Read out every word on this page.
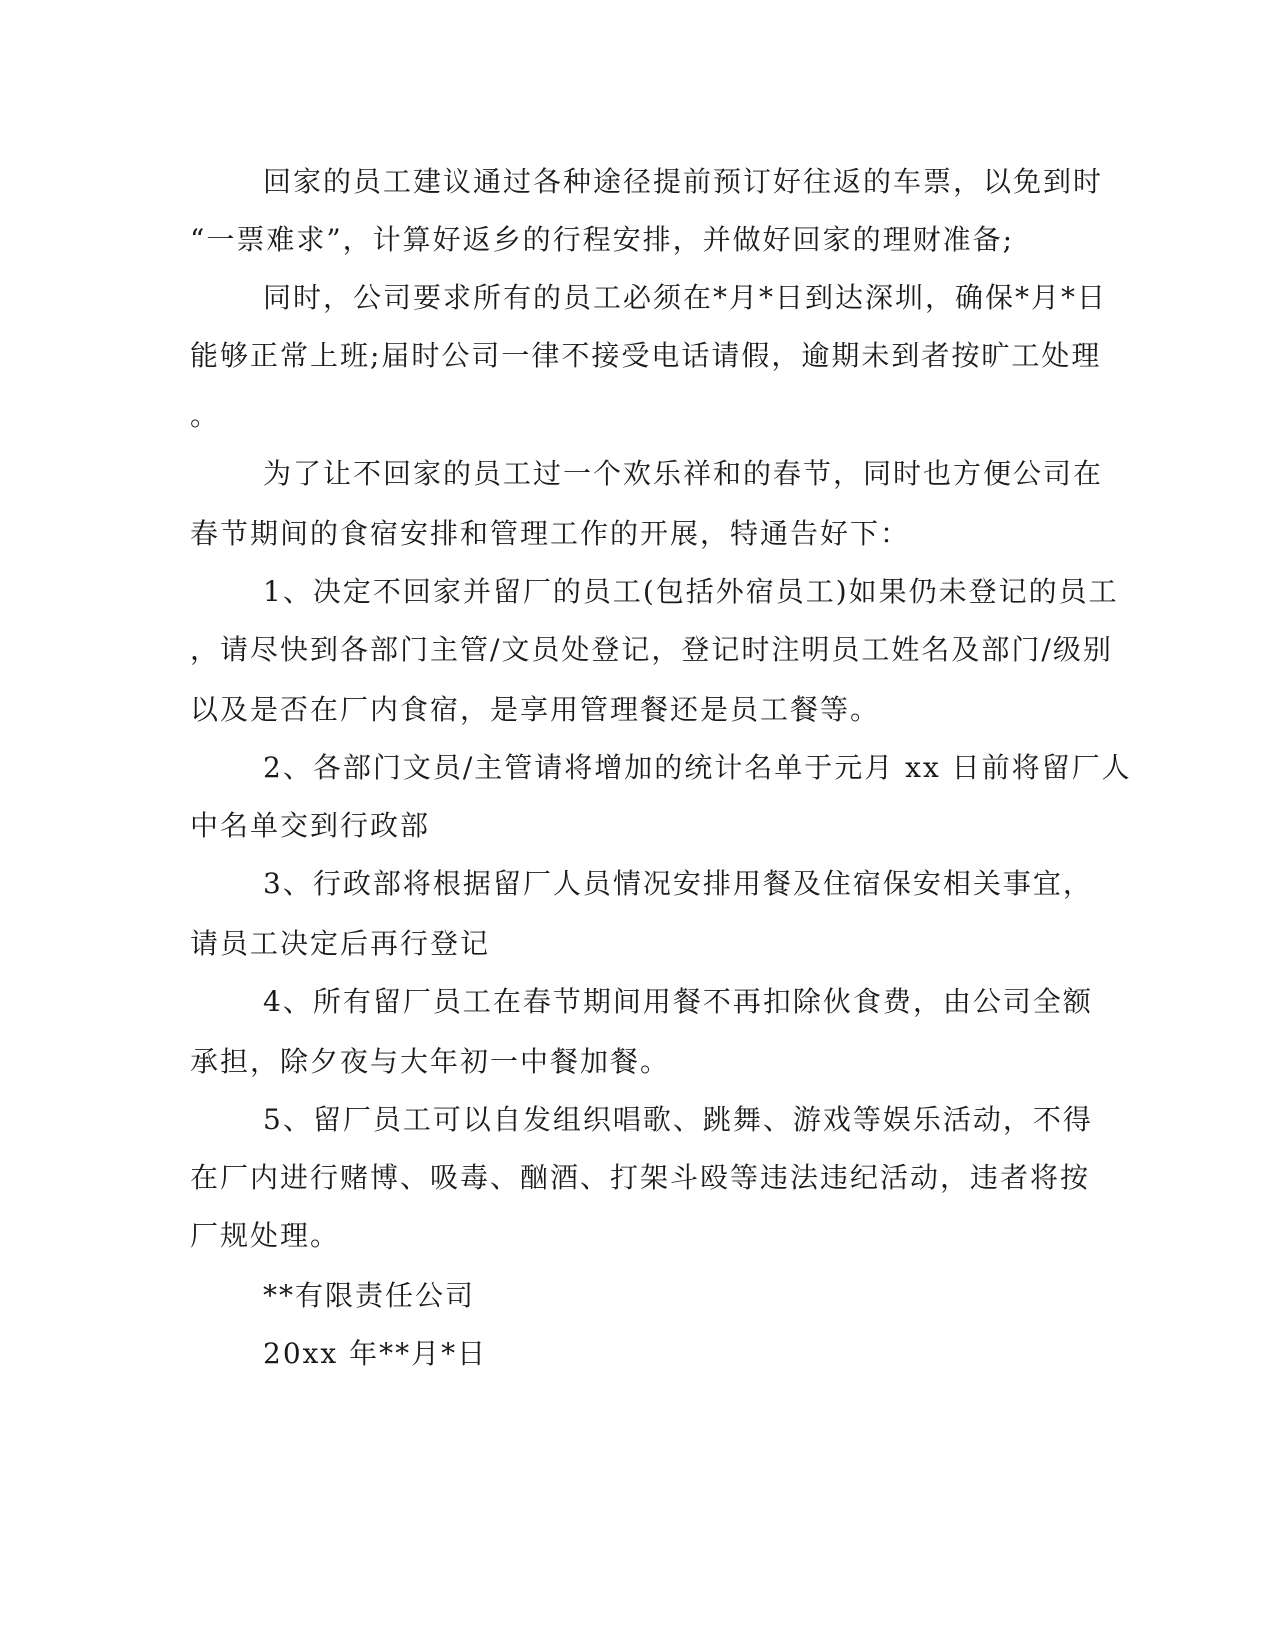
回家的员工建议通过各种途径提前预订好往返的车票，以免到时
“一票难求”，计算好返乡的行程安排，并做好回家的理财准备;
同时，公司要求所有的员工必须在*月*日到达深圳，确保*月*日
能够正常上班;届时公司一律不接受电话请假，逾期未到者按旷工处理
。
为了让不回家的员工过一个欢乐祥和的春节，同时也方便公司在
春节期间的食宿安排和管理工作的开展，特通告好下：
1、决定不回家并留厂的员工(包括外宿员工)如果仍未登记的员工
，请尽快到各部门主管/文员处登记，登记时注明员工姓名及部门/级别
以及是否在厂内食宿，是享用管理餐还是员工餐等。
2、各部门文员/主管请将增加的统计名单于元月 xx 日前将留厂人
中名单交到行政部
3、行政部将根据留厂人员情况安排用餐及住宿保安相关事宜，
请员工决定后再行登记
4、所有留厂员工在春节期间用餐不再扣除伙食费，由公司全额
承担，除夕夜与大年初一中餐加餐。
5、留厂员工可以自发组织唱歌、跳舞、游戏等娱乐活动，不得
在厂内进行赌博、吸毒、酗酒、打架斗殴等违法违纪活动，违者将按
厂规处理。
**有限责任公司
20xx 年**月*日
